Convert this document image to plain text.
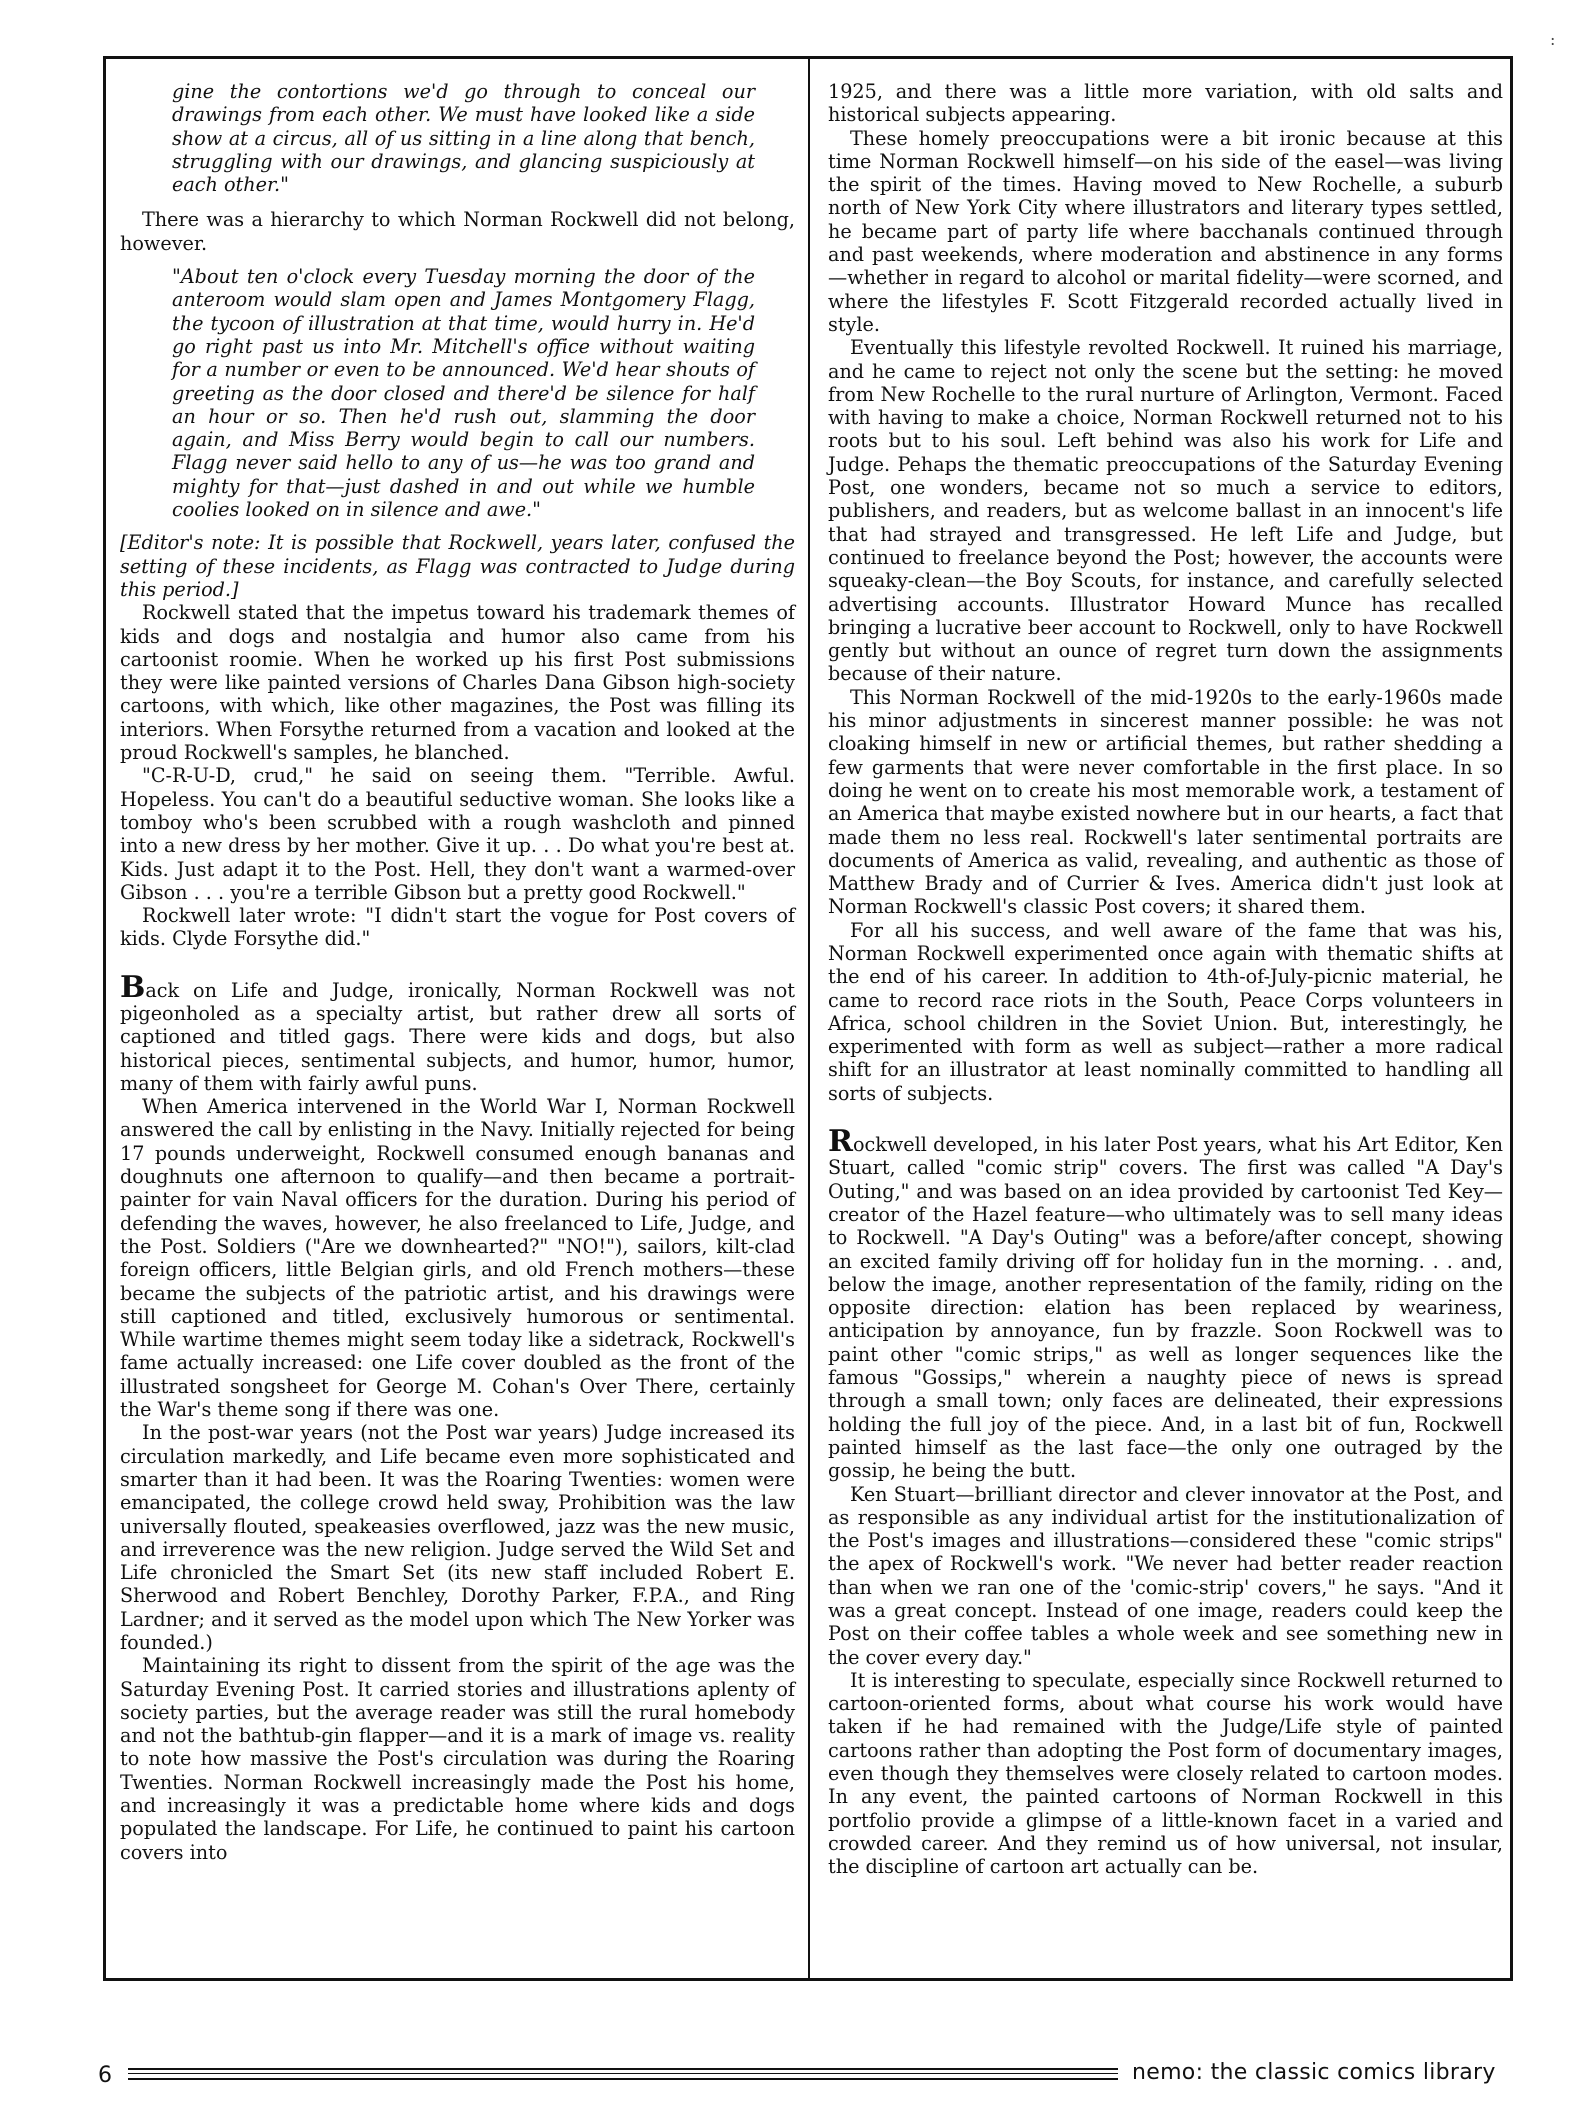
:

gine the contortions we'd go through to conceal our drawings from each other. We must have looked like a side show at a circus, all of us sitting in a line along that bench, struggling with our drawings, and glancing suspiciously at each other."

There was a hierarchy to which Norman Rockwell did not belong, however.

"About ten o'clock every Tuesday morning the door of the anteroom would slam open and James Montgomery Flagg, the tycoon of illustration at that time, would hurry in. He'd go right past us into Mr. Mitchell's office without waiting for a number or even to be announced. We'd hear shouts of greeting as the door closed and there'd be silence for half an hour or so. Then he'd rush out, slamming the door again, and Miss Berry would begin to call our numbers. Flagg never said hello to any of us—he was too grand and mighty for that—just dashed in and out while we humble coolies looked on in silence and awe."

[Editor's note: It is possible that Rockwell, years later, confused the setting of these incidents, as Flagg was contracted to Judge during this period.]

Rockwell stated that the impetus toward his trademark themes of kids and dogs and nostalgia and humor also came from his cartoonist roomie. When he worked up his first Post submissions they were like painted versions of Charles Dana Gibson high-society cartoons, with which, like other magazines, the Post was filling its interiors. When Forsythe returned from a vacation and looked at the proud Rockwell's samples, he blanched.

"C-R-U-D, crud," he said on seeing them. "Terrible. Awful. Hopeless. You can't do a beautiful seductive woman. She looks like a tomboy who's been scrubbed with a rough washcloth and pinned into a new dress by her mother. Give it up. . . Do what you're best at. Kids. Just adapt it to the Post. Hell, they don't want a warmed-over Gibson . . . you're a terrible Gibson but a pretty good Rockwell."

Rockwell later wrote: "I didn't start the vogue for Post covers of kids. Clyde Forsythe did."

Back on Life and Judge, ironically, Norman Rockwell was not pigeonholed as a specialty artist, but rather drew all sorts of captioned and titled gags. There were kids and dogs, but also historical pieces, sentimental subjects, and humor, humor, humor, many of them with fairly awful puns.

When America intervened in the World War I, Norman Rockwell answered the call by enlisting in the Navy. Initially rejected for being 17 pounds underweight, Rockwell consumed enough bananas and doughnuts one afternoon to qualify—and then became a portrait-painter for vain Naval officers for the duration. During his period of defending the waves, however, he also freelanced to Life, Judge, and the Post. Soldiers ("Are we downhearted?" "NO!"), sailors, kilt-clad foreign officers, little Belgian girls, and old French mothers—these became the subjects of the patriotic artist, and his drawings were still captioned and titled, exclusively humorous or sentimental. While wartime themes might seem today like a sidetrack, Rockwell's fame actually increased: one Life cover doubled as the front of the illustrated songsheet for George M. Cohan's Over There, certainly the War's theme song if there was one.

In the post-war years (not the Post war years) Judge increased its circulation markedly, and Life became even more sophisticated and smarter than it had been. It was the Roaring Twenties: women were emancipated, the college crowd held sway, Prohibition was the law universally flouted, speakeasies overflowed, jazz was the new music, and irreverence was the new religion. Judge served the Wild Set and Life chronicled the Smart Set (its new staff included Robert E. Sherwood and Robert Benchley, Dorothy Parker, F.P.A., and Ring Lardner; and it served as the model upon which The New Yorker was founded.)

Maintaining its right to dissent from the spirit of the age was the Saturday Evening Post. It carried stories and illustrations aplenty of society parties, but the average reader was still the rural homebody and not the bathtub-gin flapper—and it is a mark of image vs. reality to note how massive the Post's circulation was during the Roaring Twenties. Norman Rockwell increasingly made the Post his home, and increasingly it was a predictable home where kids and dogs populated the landscape. For Life, he continued to paint his cartoon covers into

1925, and there was a little more variation, with old salts and historical subjects appearing.

These homely preoccupations were a bit ironic because at this time Norman Rockwell himself—on his side of the easel—was living the spirit of the times. Having moved to New Rochelle, a suburb north of New York City where illustrators and literary types settled, he became part of party life where bacchanals continued through and past weekends, where moderation and abstinence in any forms—whether in regard to alcohol or marital fidelity—were scorned, and where the lifestyles F. Scott Fitzgerald recorded actually lived in style.

Eventually this lifestyle revolted Rockwell. It ruined his marriage, and he came to reject not only the scene but the setting: he moved from New Rochelle to the rural nurture of Arlington, Vermont. Faced with having to make a choice, Norman Rockwell returned not to his roots but to his soul. Left behind was also his work for Life and Judge. Pehaps the thematic preoccupations of the Saturday Evening Post, one wonders, became not so much a service to editors, publishers, and readers, but as welcome ballast in an innocent's life that had strayed and transgressed. He left Life and Judge, but continued to freelance beyond the Post; however, the accounts were squeaky-clean—the Boy Scouts, for instance, and carefully selected advertising accounts. Illustrator Howard Munce has recalled bringing a lucrative beer account to Rockwell, only to have Rockwell gently but without an ounce of regret turn down the assignments because of their nature.

This Norman Rockwell of the mid-1920s to the early-1960s made his minor adjustments in sincerest manner possible: he was not cloaking himself in new or artificial themes, but rather shedding a few garments that were never comfortable in the first place. In so doing he went on to create his most memorable work, a testament of an America that maybe existed nowhere but in our hearts, a fact that made them no less real. Rockwell's later sentimental portraits are documents of America as valid, revealing, and authentic as those of Matthew Brady and of Currier & Ives. America didn't just look at Norman Rockwell's classic Post covers; it shared them.

For all his success, and well aware of the fame that was his, Norman Rockwell experimented once again with thematic shifts at the end of his career. In addition to 4th-of-July-picnic material, he came to record race riots in the South, Peace Corps volunteers in Africa, school children in the Soviet Union. But, interestingly, he experimented with form as well as subject—rather a more radical shift for an illustrator at least nominally committed to handling all sorts of subjects.

Rockwell developed, in his later Post years, what his Art Editor, Ken Stuart, called "comic strip" covers. The first was called "A Day's Outing," and was based on an idea provided by cartoonist Ted Key—creator of the Hazel feature—who ultimately was to sell many ideas to Rockwell. "A Day's Outing" was a before/after concept, showing an excited family driving off for holiday fun in the morning. . . and, below the image, another representation of the family, riding on the opposite direction: elation has been replaced by weariness, anticipation by annoyance, fun by frazzle. Soon Rockwell was to paint other "comic strips," as well as longer sequences like the famous "Gossips," wherein a naughty piece of news is spread through a small town; only faces are delineated, their expressions holding the full joy of the piece. And, in a last bit of fun, Rockwell painted himself as the last face—the only one outraged by the gossip, he being the butt.

Ken Stuart—brilliant director and clever innovator at the Post, and as responsible as any individual artist for the institutionalization of the Post's images and illustrations—considered these "comic strips" the apex of Rockwell's work. "We never had better reader reaction than when we ran one of the 'comic-strip' covers," he says. "And it was a great concept. Instead of one image, readers could keep the Post on their coffee tables a whole week and see something new in the cover every day."

It is interesting to speculate, especially since Rockwell returned to cartoon-oriented forms, about what course his work would have taken if he had remained with the Judge/Life style of painted cartoons rather than adopting the Post form of documentary images, even though they themselves were closely related to cartoon modes. In any event, the painted cartoons of Norman Rockwell in this portfolio provide a glimpse of a little-known facet in a varied and crowded career. And they remind us of how universal, not insular, the discipline of cartoon art actually can be.

6	nemo: the classic comics library
